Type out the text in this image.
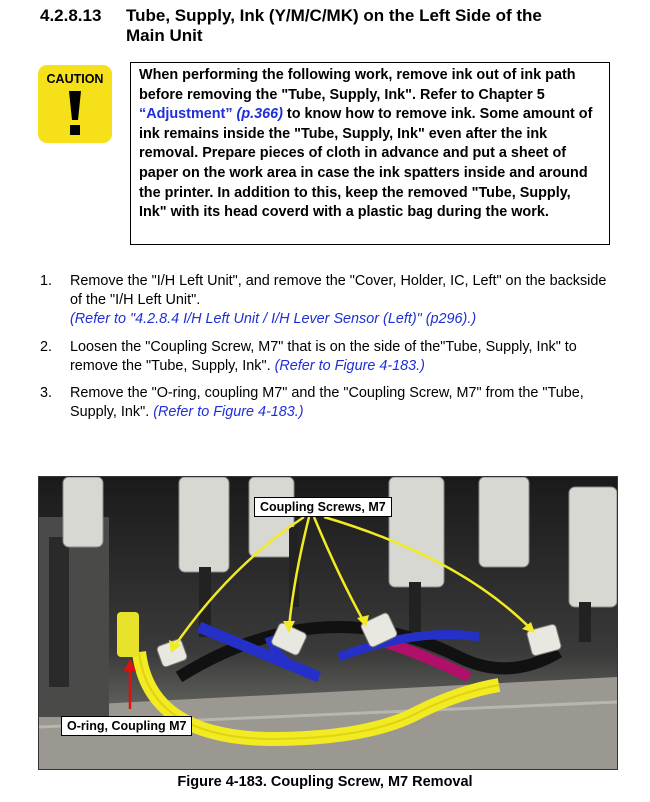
4.2.8.13 Tube, Supply, Ink (Y/M/C/MK) on the Left Side of the
Main Unit
CAUTION	When performing the following work, remove ink out of ink path before removing the "Tube, Supply, Ink". Refer to Chapter 5 “Adjustment” (p.366) to know how to remove ink. Some amount of ink remains inside the "Tube, Supply, Ink" even after the ink removal. Prepare pieces of cloth in advance and put a sheet of paper on the work area in case the ink spatters inside and around the printer. In addition to this, keep the removed "Tube, Supply, Ink" with its head coverd with a plastic bag during the work.
1. Remove the "I/H Left Unit", and remove the "Cover, Holder, IC, Left" on the backside of the "I/H Left Unit".
(Refer to "4.2.8.4 I/H Left Unit / I/H Lever Sensor (Left)" (p296).)
2. Loosen the "Coupling Screw, M7" that is on the side of the"Tube, Supply, Ink" to remove the "Tube, Supply, Ink". (Refer to Figure 4-183.)
3. Remove the "O-ring, coupling M7" and the "Coupling Screw, M7" from the "Tube, Supply, Ink". (Refer to Figure 4-183.)
Coupling Screws, M7
O-ring, Coupling M7
Figure 4-183. Coupling Screw, M7 Removal
